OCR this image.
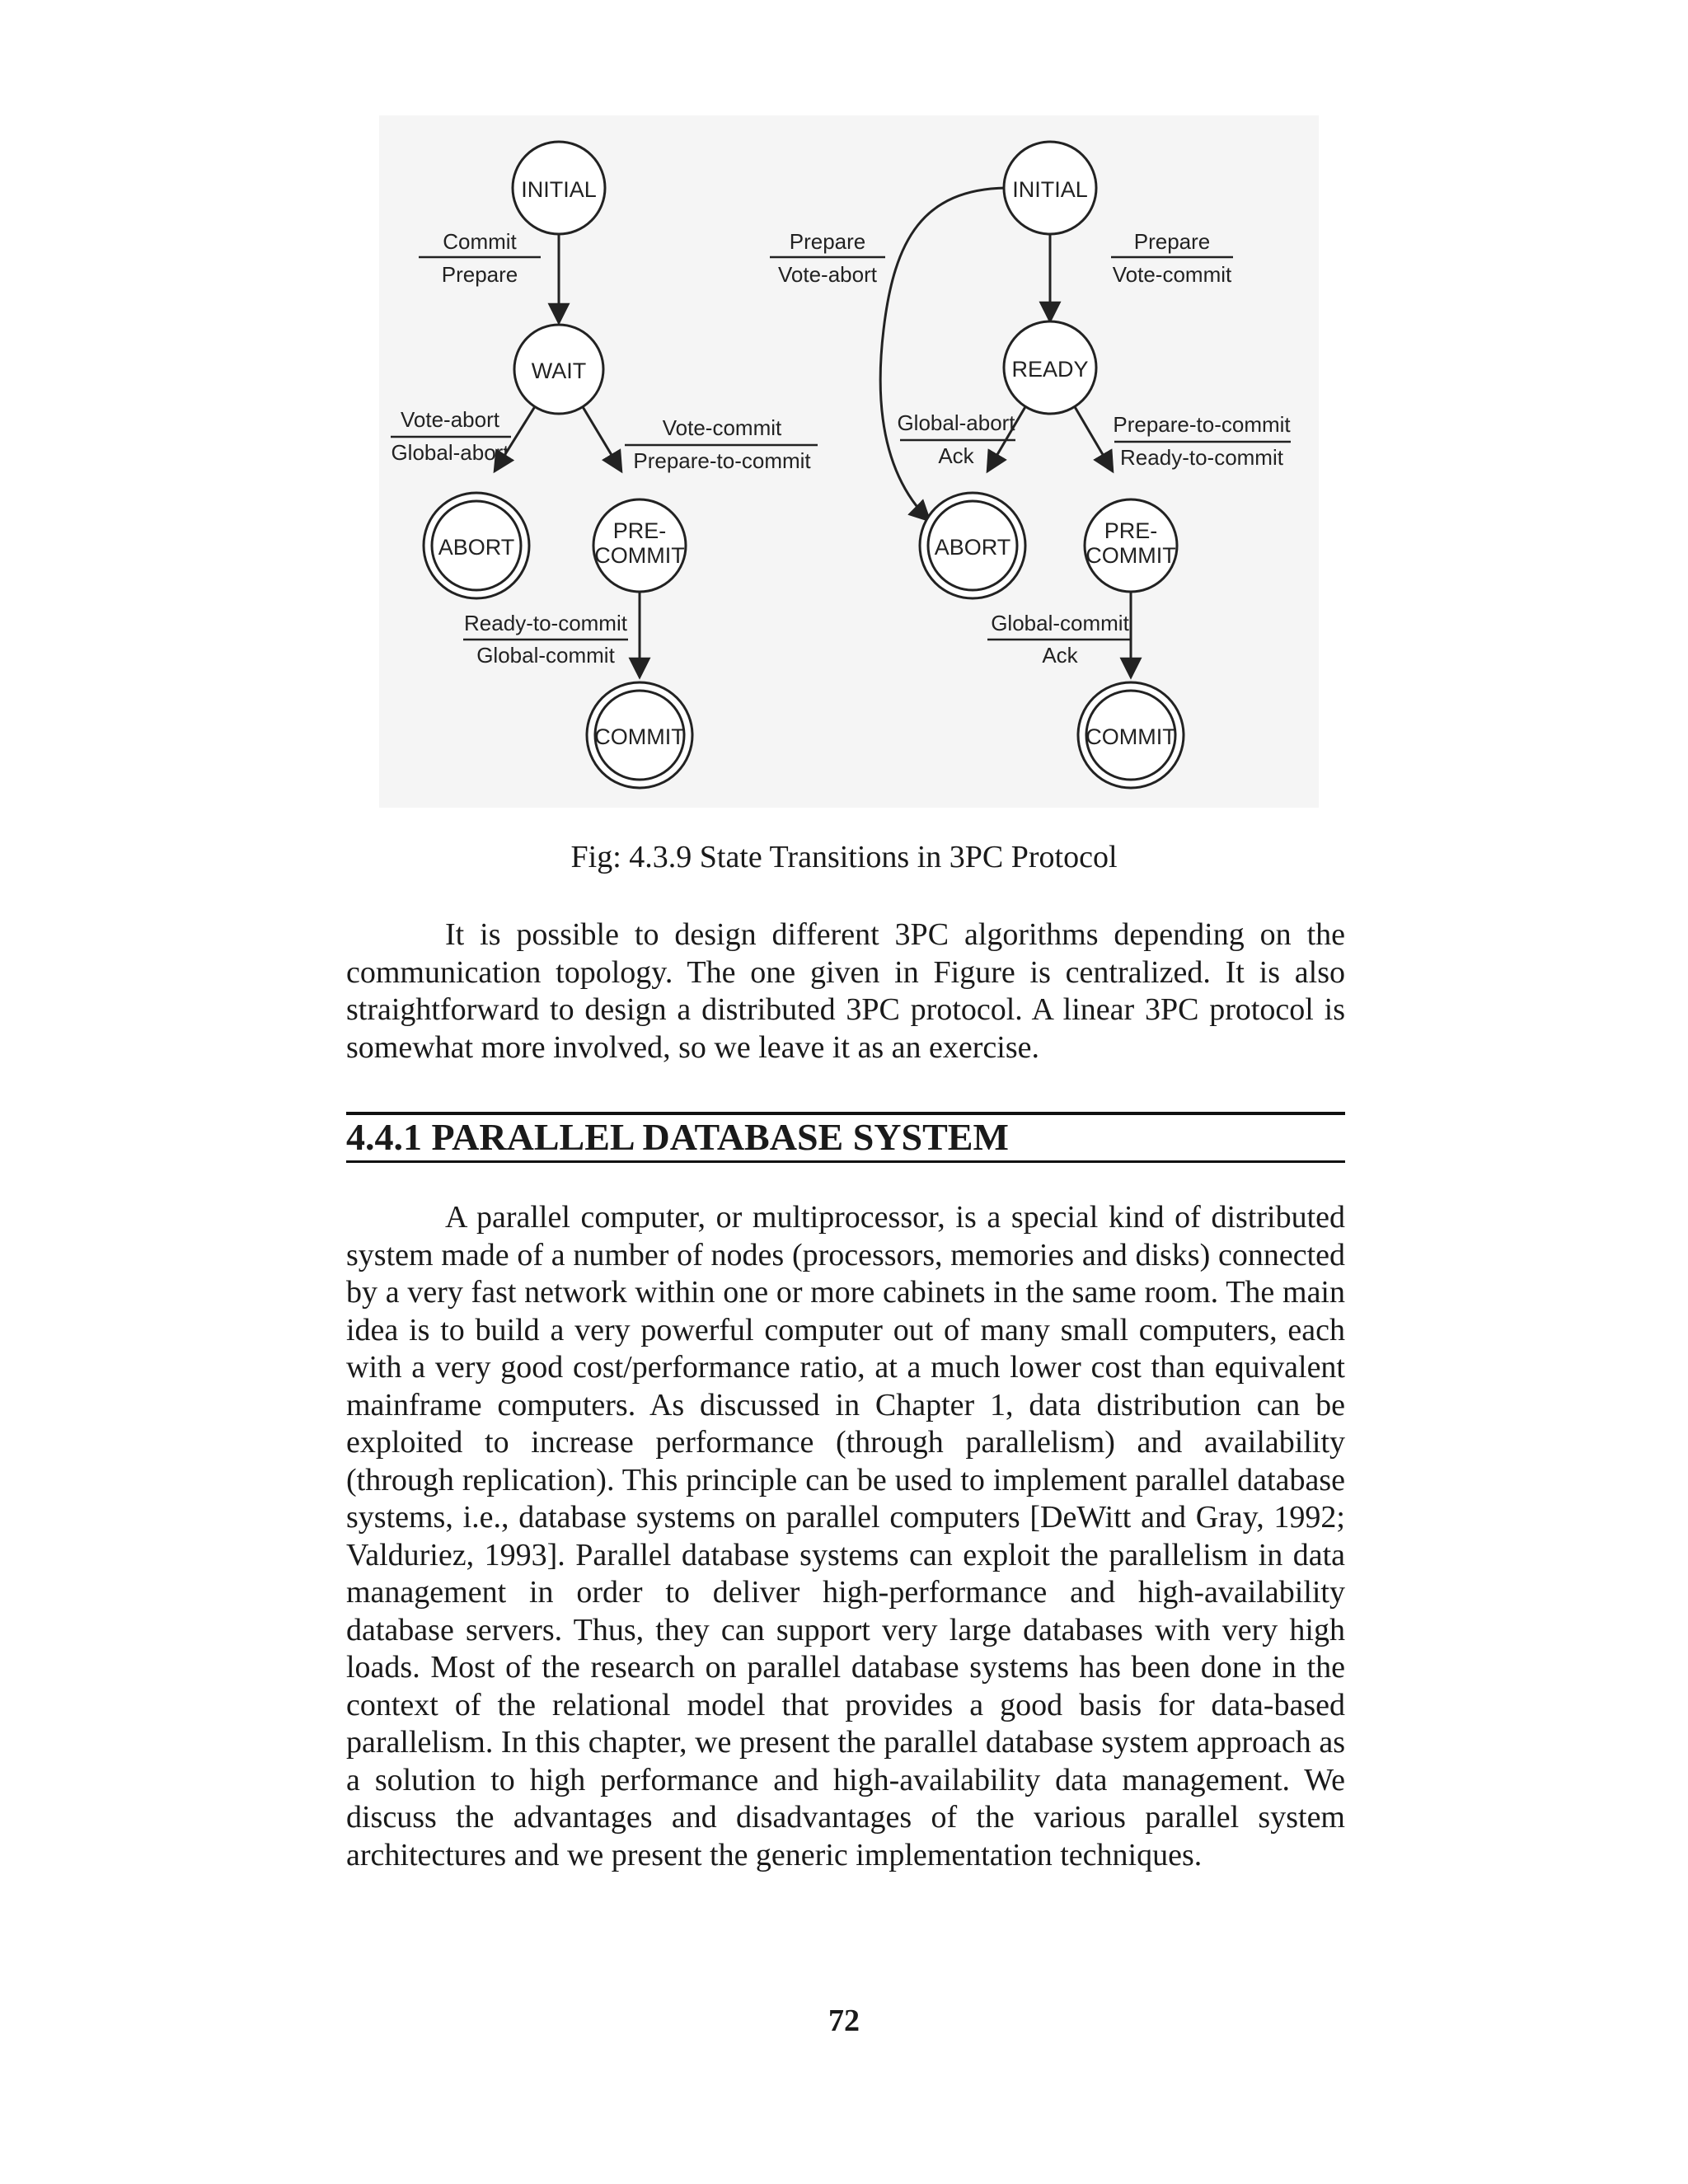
INITIAL
WAIT
ABORT
PRE-
COMMIT
COMMIT
Commit
Prepare
Vote-abort
Global-abort
Vote-commit
Prepare-to-commit
Ready-to-commit
Global-commit
INITIAL
READY
ABORT
PRE-
COMMIT
COMMIT
Prepare
Vote-abort
Prepare
Vote-commit
Global-abort
Ack
Prepare-to-commit
Ready-to-commit
Global-commit
Ack
Fig: 4.3.9 State Transitions in 3PC Protocol

It is possible to design different 3PC algorithms depending on the communication topology. The one given in Figure is centralized. It is also straightforward to design a distributed 3PC protocol. A linear 3PC protocol is somewhat more involved, so we leave it as an exercise.

4.4.1 PARALLEL DATABASE SYSTEM

A parallel computer, or multiprocessor, is a special kind of distributed system made of a number of nodes (processors, memories and disks) connected by a very fast network within one or more cabinets in the same room. The main idea is to build a very powerful computer out of many small computers, each with a very good cost/performance ratio, at a much lower cost than equivalent mainframe computers. As discussed in Chapter 1, data distribution can be exploited to increase performance (through parallelism) and availability (through replication). This principle can be used to implement parallel database systems, i.e., database systems on parallel computers [DeWitt and Gray, 1992; Valduriez, 1993]. Parallel database systems can exploit the parallelism in data management in order to deliver high-performance and high-availability database servers. Thus, they can support very large databases with very high loads. Most of the research on parallel database systems has been done in the context of the relational model that provides a good basis for data-based parallelism. In this chapter, we present the parallel database system approach as a solution to high performance and high-availability data management. We discuss the advantages and disadvantages of the various parallel system architectures and we present the generic implementation techniques.

72
